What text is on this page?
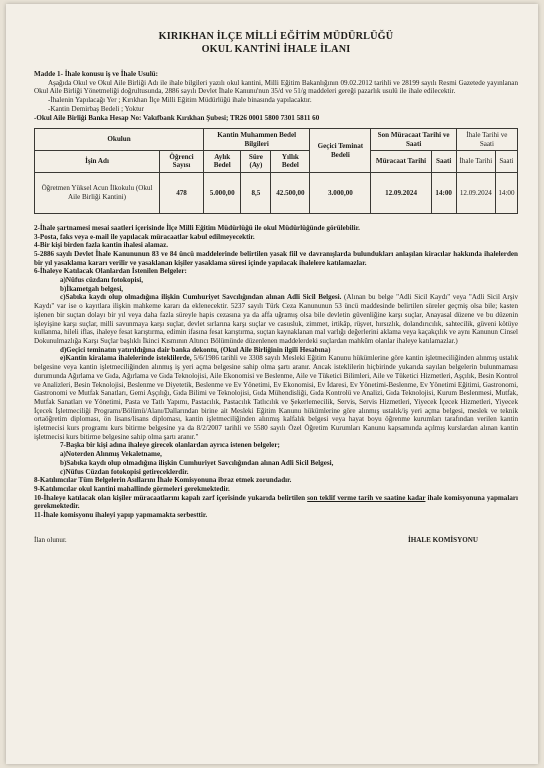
KIRIKHAN İLÇE MİLLİ EĞİTİM MÜDÜRLÜĞÜ
OKUL KANTİNİ İHALE İLANI

Madde 1- İhale konusu iş ve İhale Usulü:

Aşağıda Okul ve Okul Aile Birliği Adı ile ihale bilgileri yazılı okul kantini, Milli Eğitim Bakanlığının 09.02.2012 tarihli ve 28199 sayılı Resmi Gazetede yayınlanan Okul Aile Birliği Yönetmeliği doğrultusunda, 2886 sayılı Devlet İhale Kanunu'nun 35/d ve 51/g maddeleri gereği pazarlık usulü ile ihale edilecektir.

-İhalenin Yapılacağı Yer ; Kırıkhan İlçe Milli Eğitim Müdürlüğü ihale binasında yapılacaktır.

-Kantin Demirbaş Bedeli ; Yoktur

-Okul Aile Birliği Banka Hesap No: Vakıfbank Kırıkhan Şubesi; TR26 0001 5800 7301 5811 60

Okulun		Kantin Muhammen Bedel Bilgileri			Geçici Teminat Bedeli	Son Müracaat Tarihi ve Saati		İhale Tarihi ve Saati	
İşin Adı	Öğrenci Sayısı	Aylık Bedel	Süre (Ay)	Yıllık Bedel		Müracaat Tarihi	Saati	İhale Tarihi	Saati
Öğretmen Yüksel Acun İlkokulu (Okul Aile Birliği Kantini)	478	5.000,00	8,5	42.500,00	3.000,00	12.09.2024	14:00	12.09.2024	14:00

2-İhale şartnamesi mesai saatleri içerisinde İlçe Milli Eğitim Müdürlüğü ile okul Müdürlüğünde görülebilir.

3-Posta, faks veya e-mail ile yapılacak müracaatlar kabul edilmeyecektir.

4-Bir kişi birden fazla kantin ihalesi alamaz.

5-2886 sayılı Devlet İhale Kanununun 83 ve 84 üncü maddelerinde belirtilen yasak fiil ve davranışlarda bulundukları anlaşılan kiracılar hakkında ihalelerden bir yıl yasaklama kararı verilir ve yasaklanan kişiler yasaklama süresi içinde yapılacak ihalelere katılamazlar.

6-İhaleye Katılacak Olanlardan İstenilen Belgeler:

a)Nüfus cüzdanı fotokopisi,

b)İkametgah belgesi,

c)Sabıka kaydı olup olmadığına ilişkin Cumhuriyet Savcılığından alınan Adli Sicil Belgesi. (Alınan bu belge "Adli Sicil Kaydı" veya "Adli Sicil Arşiv Kaydı" var ise o kayıtlara ilişkin mahkeme kararı da eklenecektir. 5237 sayılı Türk Ceza Kanununun 53 üncü maddesinde belirtilen süreler geçmiş olsa bile; kasten işlenen bir suçtan dolayı bir yıl veya daha fazla süreyle hapis cezasına ya da affa uğramış olsa bile devletin güvenliğine karşı suçlar, Anayasal düzene ve bu düzenin işleyişine karşı suçlar, milli savunmaya karşı suçlar, devlet sırlarına karşı suçlar ve casusluk, zimmet, irtikâp, rüşvet, hırsızlık, dolandırıcılık, sahtecilik, güveni kötüye kullanma, hileli iflas, ihaleye fesat karıştırma, edimin ifasına fesat karıştırma, suçtan kaynaklanan mal varlığı değerlerini aklama veya kaçakçılık ve aynı Kanunun Cinsel Dokunulmazlığa Karşı Suçlar başlıklı İkinci Kısmının Altıncı Bölümünde düzenlenen maddelerdeki suçlardan mahkûm olanlar ihaleye katılamazlar.)

d)Geçici teminatın yatırıldığına dair banka dekontu, (Okul Aile Birliğinin ilgili Hesabına)

e)Kantin kiralama ihalelerinde isteklilerde, 5/6/1986 tarihli ve 3308 sayılı Mesleki Eğitim Kanunu hükümlerine göre kantin işletmeciliğinden alınmış ustalık belgesine veya kantin işletmeciliğinden alınmış iş yeri açma belgesine sahip olma şartı aranır. Ancak isteklilerin hiçbirinde yukarıda sayılan belgelerin bulunmaması durumunda Ağırlama ve Gıda, Ağırlama ve Gıda Teknolojisi, Aile Ekonomisi ve Beslenme, Aile ve Tüketici Bilimleri, Aile ve Tüketici Hizmetleri, Aşçılık, Besin Kontrol ve Analizleri, Besin Teknolojisi, Beslenme ve Diyetetik, Beslenme ve Ev Yönetimi, Ev Ekonomisi, Ev İdaresi, Ev Yönetimi-Beslenme, Ev Yönetimi Eğitimi, Gastronomi, Gastronomi ve Mutfak Sanatları, Gemi Aşçılığı, Gıda Bilimi ve Teknolojisi, Gıda Mühendisliği, Gıda Kontrolü ve Analizi, Gıda Teknolojisi, Kurum Beslenmesi, Mutfak, Mutfak Sanatları ve Yönetimi, Pasta ve Tatlı Yapımı, Pastacılık, Pastacılık Tatlıcılık ve Şekerlemecilik, Servis, Servis Hizmetleri, Yiyecek İçecek Hizmetleri, Yiyecek İçecek İşletmeciliği Programı/Bölümü/Alanı/Dallarından birine ait Mesleki Eğitim Kanunu hükümlerine göre alınmış ustalık/iş yeri açma belgesi, meslek ve teknik ortaöğretim diploması, ön lisans/lisans diploması, kantin işletmeciliğinden alınmış kalfalık belgesi veya hayat boyu öğrenme kurumları tarafından verilen kantin işletmecisi kurs programı kurs bitirme belgesine ya da 8/2/2007 tarihli ve 5580 sayılı Özel Öğretim Kurumları Kanunu kapsamında açılmış kurslardan alınan kantin işletmecisi kurs bitirme belgesine sahip olma şartı aranır."

7-Başka bir kişi adına ihaleye girecek olanlardan ayrıca istenen belgeler;

a)Noterden Alınmış Vekaletname,

b)Sabıka kaydı olup olmadığına ilişkin Cumhuriyet Savcılığından alınan Adli Sicil Belgesi,

c)Nüfus Cüzdan fotokopisi getireceklerdir.

8-Katılımcılar Tüm Belgelerin Asıllarını İhale Komisyonuna ibraz etmek zorundadır.

9-Katılımcılar okul kantini mahallinde görmeleri gerekmektedir.

10-İhaleye katılacak olan kişiler müracaatlarını kapalı zarf içerisinde yukarıda belirtilen son teklif verme tarih ve saatine kadar ihale komisyonuna yapmaları gerekmektedir.

11-İhale komisyonu ihaleyi yapıp yapmamakta serbesttir.

İlan olunur.	İHALE KOMİSYONU
